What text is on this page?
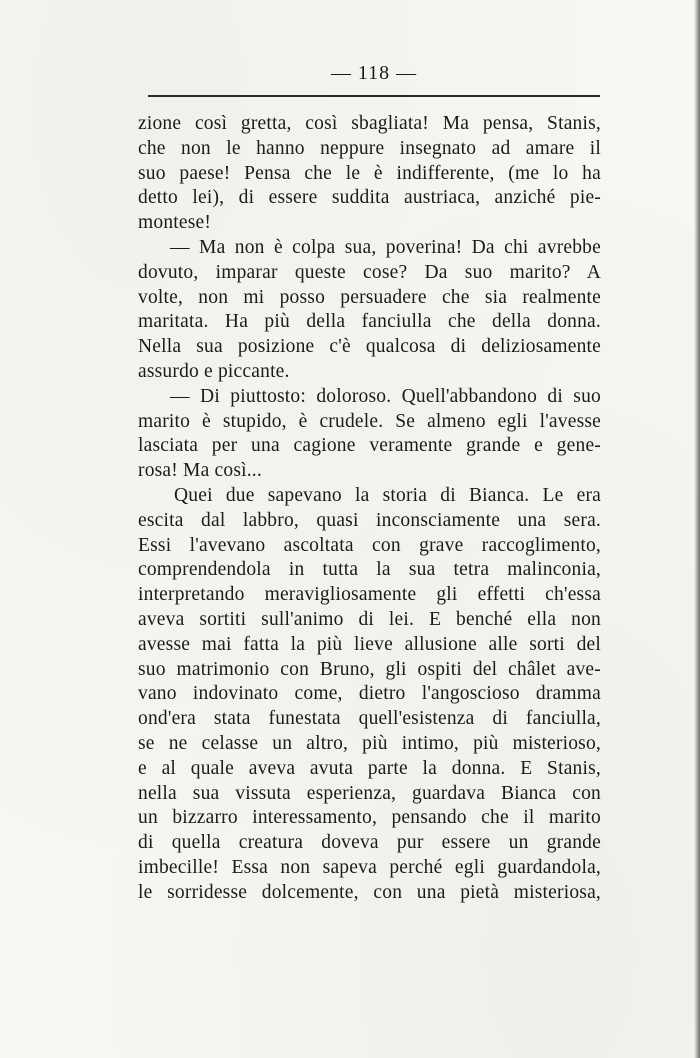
— 118 —
zione così gretta, così sbagliata! Ma pensa, Stanis,
che non le hanno neppure insegnato ad amare il
suo paese! Pensa che le è indifferente, (me lo ha
detto lei), di essere suddita austriaca, anziché pie-
montese!
— Ma non è colpa sua, poverina! Da chi avrebbe
dovuto, imparar queste cose? Da suo marito? A
volte, non mi posso persuadere che sia realmente
maritata. Ha più della fanciulla che della donna.
Nella sua posizione c'è qualcosa di deliziosamente
assurdo e piccante.
— Di piuttosto: doloroso. Quell'abbandono di suo
marito è stupido, è crudele. Se almeno egli l'avesse
lasciata per una cagione veramente grande e gene-
rosa! Ma così...
Quei due sapevano la storia di Bianca. Le era
escita dal labbro, quasi inconsciamente una sera.
Essi l'avevano ascoltata con grave raccoglimento,
comprendendola in tutta la sua tetra malinconia,
interpretando meravigliosamente gli effetti ch'essa
aveva sortiti sull'animo di lei. E benché ella non
avesse mai fatta la più lieve allusione alle sorti del
suo matrimonio con Bruno, gli ospiti del châlet ave-
vano indovinato come, dietro l'angoscioso dramma
ond'era stata funestata quell'esistenza di fanciulla,
se ne celasse un altro, più intimo, più misterioso,
e al quale aveva avuta parte la donna. E Stanis,
nella sua vissuta esperienza, guardava Bianca con
un bizzarro interessamento, pensando che il marito
di quella creatura doveva pur essere un grande
imbecille! Essa non sapeva perché egli guardandola,
le sorridesse dolcemente, con una pietà misteriosa,
